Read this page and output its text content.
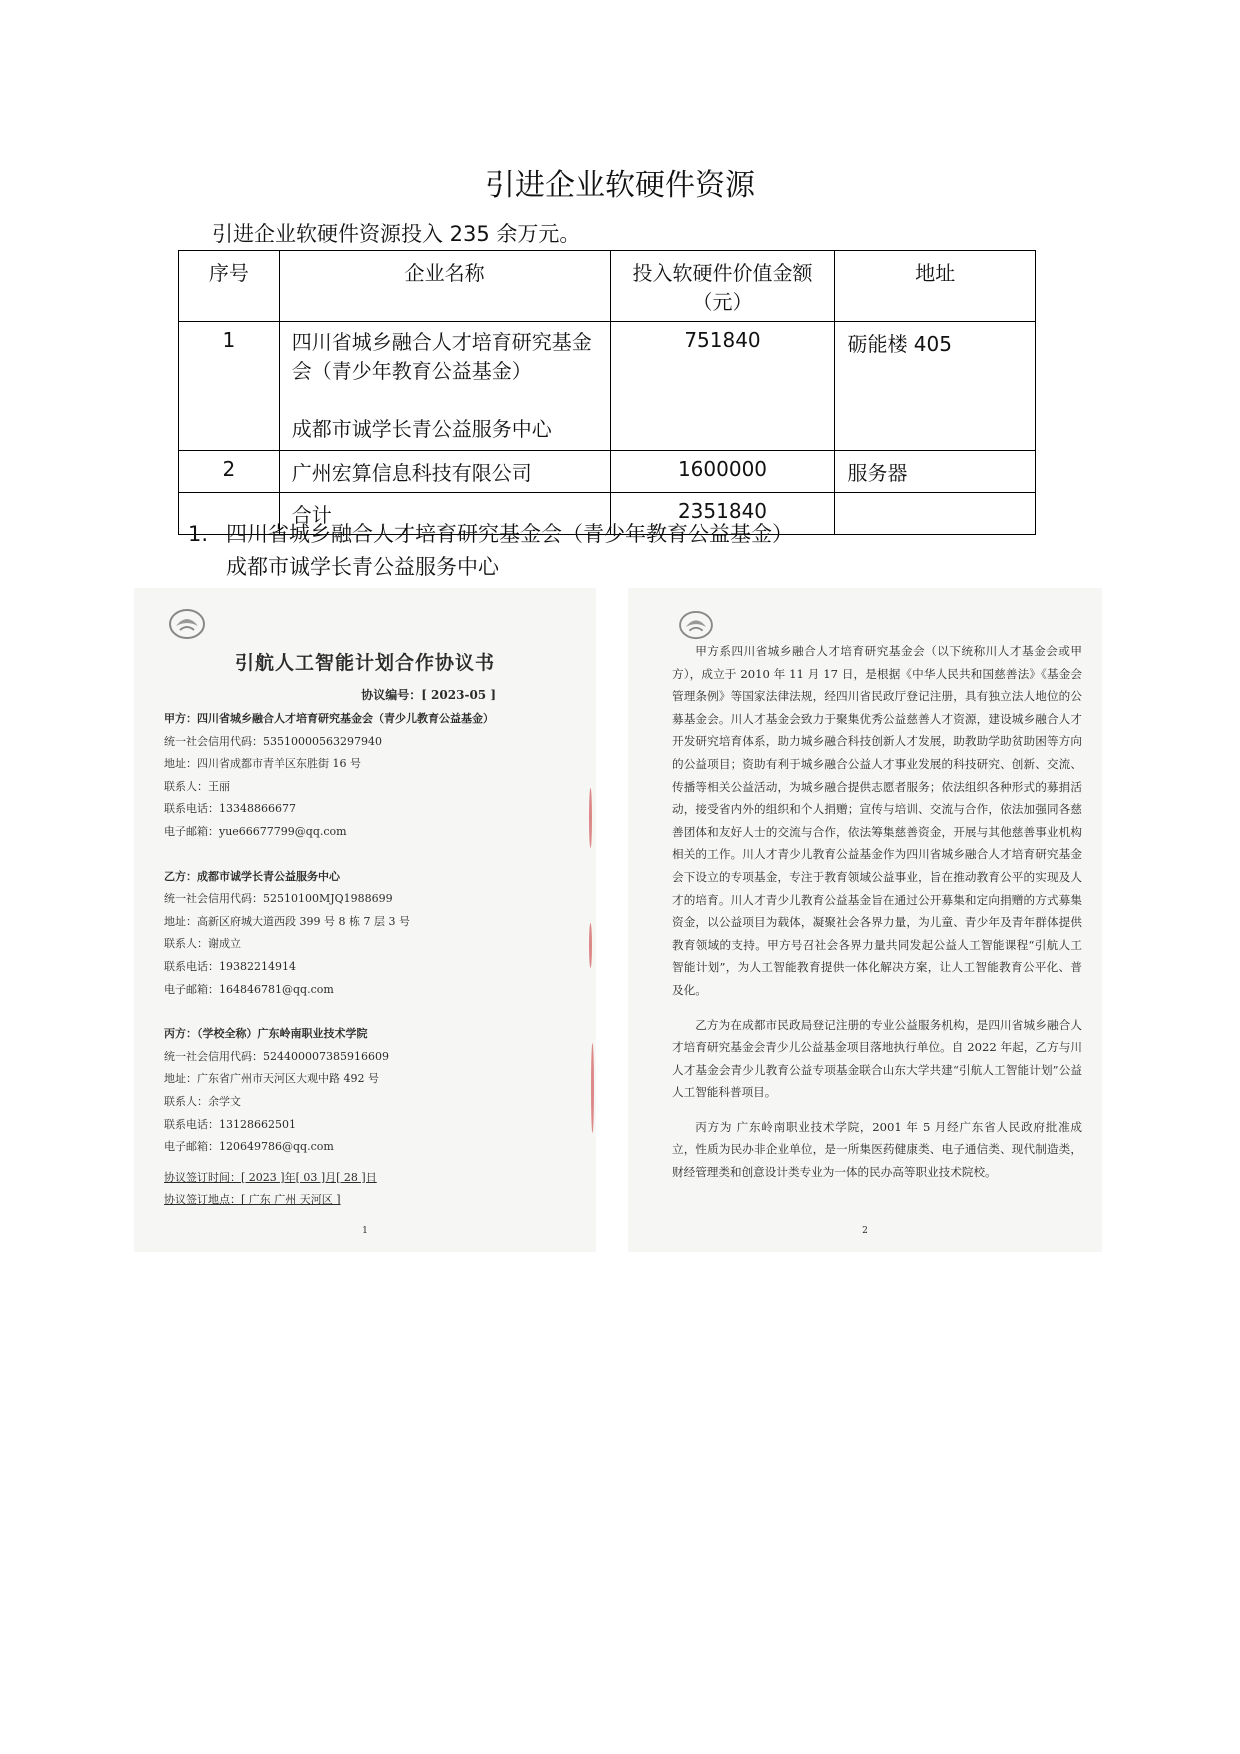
引进企业软硬件资源
引进企业软硬件资源投入 235 余万元。
序号	企业名称	投入软硬件价值金额（元）	地址
1	四川省城乡融合人才培育研究基金会（青少年教育公益基金）
成都市诚学长青公益服务中心	751840	砺能楼 405
2	广州宏算信息科技有限公司	1600000	服务器
	合计	2351840	
1. 四川省城乡融合人才培育研究基金会（青少年教育公益基金）
成都市诚学长青公益服务中心
引航人工智能计划合作协议书
协议编号：[ 2023-05 ]
甲方：四川省城乡融合人才培育研究基金会（青少儿教育公益基金）
统一社会信用代码：53510000563297940
地址：四川省成都市青羊区东胜街 16 号
联系人：王丽
联系电话：13348866677
电子邮箱：yue66677799@qq.com
乙方：成都市诚学长青公益服务中心
统一社会信用代码：52510100MJQ1988699
地址：高新区府城大道西段 399 号 8 栋 7 层 3 号
联系人：谢成立
联系电话：19382214914
电子邮箱：164846781@qq.com
丙方：（学校全称）广东岭南职业技术学院
统一社会信用代码：524400007385916609
地址：广东省广州市天河区大观中路 492 号
联系人：余学文
联系电话：13128662501
电子邮箱：120649786@qq.com
协议签订时间：[ 2023 ]年[ 03 ]月[ 28 ]日
协议签订地点：[ 广东 广州 天河区 ]
1

甲方系四川省城乡融合人才培育研究基金会（以下统称川人才基金会或甲方），成立于 2010 年 11 月 17 日，是根据《中华人民共和国慈善法》《基金会管理条例》等国家法律法规，经四川省民政厅登记注册，具有独立法人地位的公募基金会。川人才基金会致力于聚集优秀公益慈善人才资源，建设城乡融合人才开发研究培育体系，助力城乡融合科技创新人才发展，助教助学助贫助困等方向的公益项目；资助有利于城乡融合公益人才事业发展的科技研究、创新、交流、传播等相关公益活动，为城乡融合提供志愿者服务；依法组织各种形式的募捐活动，接受省内外的组织和个人捐赠；宣传与培训、交流与合作，依法加强同各慈善团体和友好人士的交流与合作，依法筹集慈善资金，开展与其他慈善事业机构相关的工作。川人才青少儿教育公益基金作为四川省城乡融合人才培育研究基金会下设立的专项基金，专注于教育领域公益事业，旨在推动教育公平的实现及人才的培育。川人才青少儿教育公益基金旨在通过公开募集和定向捐赠的方式募集资金，以公益项目为载体，凝聚社会各界力量，为儿童、青少年及青年群体提供教育领域的支持。甲方号召社会各界力量共同发起公益人工智能课程“引航人工智能计划”，为人工智能教育提供一体化解决方案，让人工智能教育公平化、普及化。

乙方为在成都市民政局登记注册的专业公益服务机构，是四川省城乡融合人才培育研究基金会青少儿公益基金项目落地执行单位。自 2022 年起，乙方与川人才基金会青少儿教育公益专项基金联合山东大学共建“引航人工智能计划”公益人工智能科普项目。

丙方为 广东岭南职业技术学院，2001 年 5 月经广东省人民政府批准成立，性质为民办非企业单位，是一所集医药健康类、电子通信类、现代制造类，财经管理类和创意设计类专业为一体的民办高等职业技术院校。

2
